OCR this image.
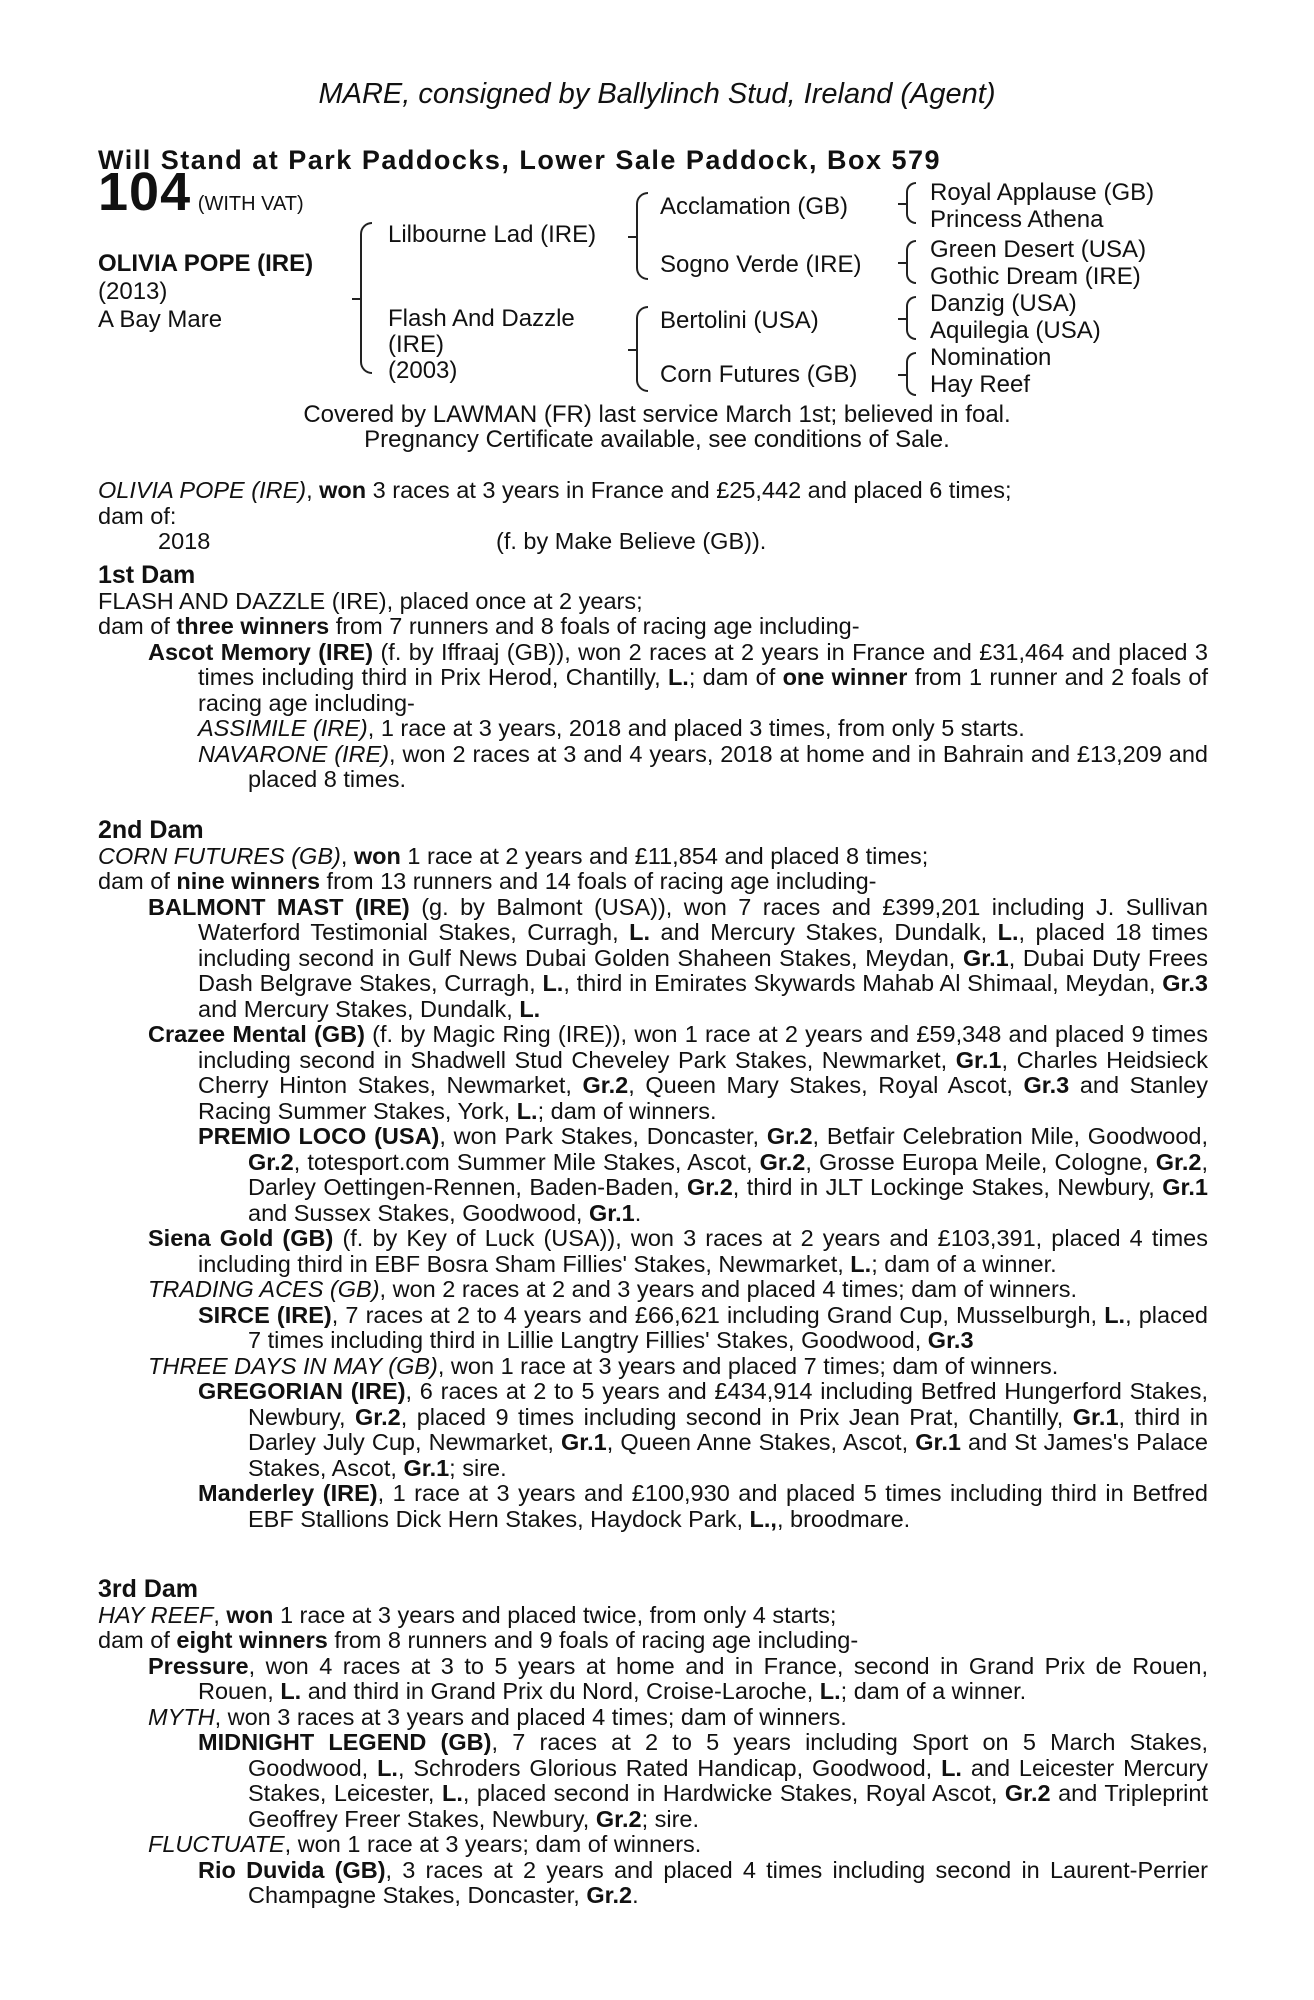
MARE, consigned by Ballylinch Stud, Ireland (Agent)
Will Stand at Park Paddocks, Lower Sale Paddock, Box 579
104 (WITH VAT)
OLIVIA POPE (IRE)
(2013)
A Bay Mare
Lilbourne Lad (IRE)
Flash And Dazzle
(IRE)
(2003)
Acclamation (GB)
Sogno Verde (IRE)
Bertolini (USA)
Corn Futures (GB)
Royal Applause (GB)
Princess Athena
Green Desert (USA)
Gothic Dream (IRE)
Danzig (USA)
Aquilegia (USA)
Nomination
Hay Reef
Covered by LAWMAN (FR) last service March 1st; believed in foal.
Pregnancy Certificate available, see conditions of Sale.

OLIVIA POPE (IRE), won 3 races at 3 years in France and £25,442 and placed 6 times;

dam of:

2018	(f. by Make Believe (GB)).

1st Dam

FLASH AND DAZZLE (IRE), placed once at 2 years;

dam of three winners from 7 runners and 8 foals of racing age including-

Ascot Memory (IRE) (f. by Iffraaj (GB)), won 2 races at 2 years in France and £31,464 and placed 3 times including third in Prix Herod, Chantilly, L.; dam of one winner from 1 runner and 2 foals of racing age including-

ASSIMILE (IRE), 1 race at 3 years, 2018 and placed 3 times, from only 5 starts.

NAVARONE (IRE), won 2 races at 3 and 4 years, 2018 at home and in Bahrain and £13,209 and placed 8 times.

2nd Dam

CORN FUTURES (GB), won 1 race at 2 years and £11,854 and placed 8 times;

dam of nine winners from 13 runners and 14 foals of racing age including-

BALMONT MAST (IRE) (g. by Balmont (USA)), won 7 races and £399,201 including J. Sullivan Waterford Testimonial Stakes, Curragh, L. and Mercury Stakes, Dundalk, L., placed 18 times including second in Gulf News Dubai Golden Shaheen Stakes, Meydan, Gr.1, Dubai Duty Frees Dash Belgrave Stakes, Curragh, L., third in Emirates Skywards Mahab Al Shimaal, Meydan, Gr.3 and Mercury Stakes, Dundalk, L.

Crazee Mental (GB) (f. by Magic Ring (IRE)), won 1 race at 2 years and £59,348 and placed 9 times including second in Shadwell Stud Cheveley Park Stakes, Newmarket, Gr.1, Charles Heidsieck Cherry Hinton Stakes, Newmarket, Gr.2, Queen Mary Stakes, Royal Ascot, Gr.3 and Stanley Racing Summer Stakes, York, L.; dam of winners.

PREMIO LOCO (USA), won Park Stakes, Doncaster, Gr.2, Betfair Celebration Mile, Goodwood, Gr.2, totesport.com Summer Mile Stakes, Ascot, Gr.2, Grosse Europa Meile, Cologne, Gr.2, Darley Oettingen-Rennen, Baden-Baden, Gr.2, third in JLT Lockinge Stakes, Newbury, Gr.1 and Sussex Stakes, Goodwood, Gr.1.

Siena Gold (GB) (f. by Key of Luck (USA)), won 3 races at 2 years and £103,391, placed 4 times including third in EBF Bosra Sham Fillies' Stakes, Newmarket, L.; dam of a winner.

TRADING ACES (GB), won 2 races at 2 and 3 years and placed 4 times; dam of winners.

SIRCE (IRE), 7 races at 2 to 4 years and £66,621 including Grand Cup, Musselburgh, L., placed 7 times including third in Lillie Langtry Fillies' Stakes, Goodwood, Gr.3

THREE DAYS IN MAY (GB), won 1 race at 3 years and placed 7 times; dam of winners.

GREGORIAN (IRE), 6 races at 2 to 5 years and £434,914 including Betfred Hungerford Stakes, Newbury, Gr.2, placed 9 times including second in Prix Jean Prat, Chantilly, Gr.1, third in Darley July Cup, Newmarket, Gr.1, Queen Anne Stakes, Ascot, Gr.1 and St James's Palace Stakes, Ascot, Gr.1; sire.

Manderley (IRE), 1 race at 3 years and £100,930 and placed 5 times including third in Betfred EBF Stallions Dick Hern Stakes, Haydock Park, L.,, broodmare.

3rd Dam

HAY REEF, won 1 race at 3 years and placed twice, from only 4 starts;

dam of eight winners from 8 runners and 9 foals of racing age including-

Pressure, won 4 races at 3 to 5 years at home and in France, second in Grand Prix de Rouen, Rouen, L. and third in Grand Prix du Nord, Croise-Laroche, L.; dam of a winner.

MYTH, won 3 races at 3 years and placed 4 times; dam of winners.

MIDNIGHT LEGEND (GB), 7 races at 2 to 5 years including Sport on 5 March Stakes, Goodwood, L., Schroders Glorious Rated Handicap, Goodwood, L. and Leicester Mercury Stakes, Leicester, L., placed second in Hardwicke Stakes, Royal Ascot, Gr.2 and Tripleprint Geoffrey Freer Stakes, Newbury, Gr.2; sire.

FLUCTUATE, won 1 race at 3 years; dam of winners.

Rio Duvida (GB), 3 races at 2 years and placed 4 times including second in Laurent-Perrier Champagne Stakes, Doncaster, Gr.2.
